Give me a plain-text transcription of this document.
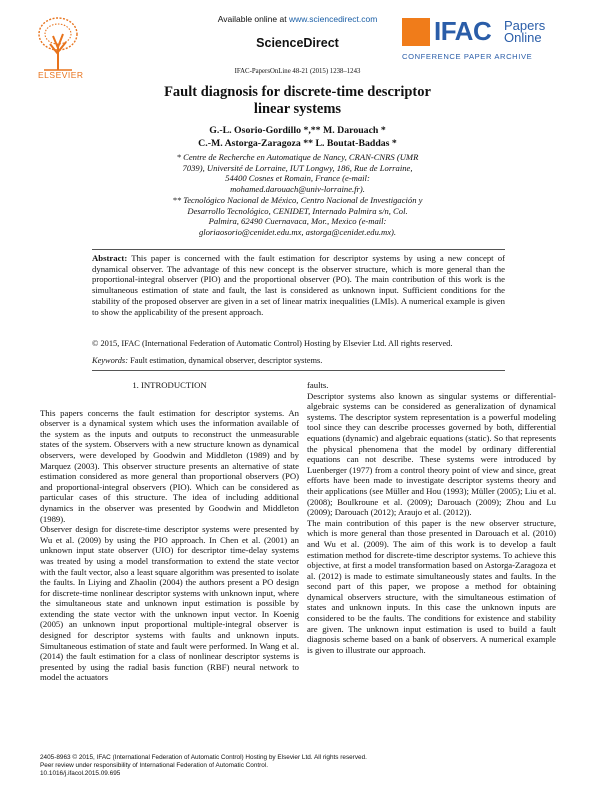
ELSEVIER
Available online at www.sciencedirect.com
ScienceDirect	IFAC Papers
Online
CONFERENCE PAPER ARCHIVE
IFAC-PapersOnLine 48-21 (2015) 1238–1243
Fault diagnosis for discrete-time descriptor
linear systems
G.-L. Osorio-Gordillo *,** M. Darouach *
C.-M. Astorga-Zaragoza ** L. Boutat-Baddas *
* Centre de Recherche en Automatique de Nancy, CRAN-CNRS (UMR
7039), Université de Lorraine, IUT Longwy, 186, Rue de Lorraine,
54400 Cosnes et Romain, France (e-mail:
mohamed.darouach@univ-lorraine.fr).
** Tecnológico Nacional de México, Centro Nacional de Investigación y
Desarrollo Tecnológico, CENIDET, Internado Palmira s/n, Col.
Palmira, 62490 Cuernavaca, Mor., Mexico (e-mail:
gloriaosorio@cenidet.edu.mx, astorga@cenidet.edu.mx).
Abstract: This paper is concerned with the fault estimation for descriptor systems by using a new concept of dynamical observer. The advantage of this new concept is the observer structure, which is more general than the proportional-integral observer (PIO) and the proportional observer (PO). The main contribution of this work is the simultaneous estimation of state and fault, the last is considered as unknown input. Sufficient conditions for the stability of the proposed observer are given in a set of linear matrix inequalities (LMIs). A numerical example is given to show the applicability of the present approach.
© 2015, IFAC (International Federation of Automatic Control) Hosting by Elsevier Ltd. All rights reserved.
Keywords: Fault estimation, dynamical observer, descriptor systems.
1. INTRODUCTION

This papers concerns the fault estimation for descriptor systems. An observer is a dynamical system which uses the information available of the system as the inputs and outputs to reconstruct the unmeasurable states of the system. Observers with a new structure known as dynamical observers, were developed by Goodwin and Middleton (1989) and by Marquez (2003). This observer structure presents an alternative of state estimation considered as more general than proportional observers (PO) and proportional-integral observers (PIO). Which can be considered as particular cases of this structure. The idea of including additional dynamics in the observer was presented by Goodwin and Middleton (1989).

Observer design for discrete-time descriptor systems were presented by Wu et al. (2009) by using the PIO approach. In Chen et al. (2001) an unknown input state observer (UIO) for descriptor time-delay systems was treated by using a model transformation to extend the state vector with the fault vector, also a least square algorithm was presented to isolate the faults. In Liying and Zhaolin (2004) the authors present a PO design for discrete-time nonlinear descriptor systems with unknown input, where the simultaneous state and unknown input estimation is possible by extending the state vector with the unknown input vector. In Koenig (2005) an unknown input proportional multiple-integral observer is designed for descriptor systems with faults and unknown inputs. Simultaneous estimation of state and fault were performed. In Wang et al. (2014) the fault estimation for a class of nonlinear descriptor systems is presented by using the radial basis function (RBF) neural network to model the actuators

faults.

Descriptor systems also known as singular systems or differential-algebraic systems can be considered as generalization of dynamical systems. The descriptor system representation is a powerful modeling tool since they can describe processes governed by both, differential equations (dynamic) and algebraic equations (static). So that represents the physical phenomena that the model by ordinary differential equations can not describe. These systems were introduced by Luenberger (1977) from a control theory point of view and since, great efforts have been made to investigate descriptor systems theory and their applications (see Müller and Hou (1993); Müller (2005); Liu et al. (2008); Boulkroune et al. (2009); Darouach (2009); Zhou and Lu (2009); Darouach (2012); Araujo et al. (2012)).

The main contribution of this paper is the new observer structure, which is more general than those presented in Darouach et al. (2010) and Wu et al. (2009). The aim of this work is to develop a fault estimation method for discrete-time descriptor systems. To achieve this objective, at first a model transformation based on Astorga-Zaragoza et al. (2012) is made to estimate simultaneously states and faults. In the second part of this paper, we propose a method for obtaining dynamical observers structure, with the simultaneous estimation of states and unknown inputs. In this case the unknown inputs are considered to be the faults. The conditions for existence and stability are given. The unknown input estimation is used to build a fault diagnosis scheme based on a bank of observers. A numerical example is given to illustrate our approach.

2405-8963 © 2015, IFAC (International Federation of Automatic Control) Hosting by Elsevier Ltd. All rights reserved.
Peer review under responsibility of International Federation of Automatic Control.
10.1016/j.ifacol.2015.09.695
